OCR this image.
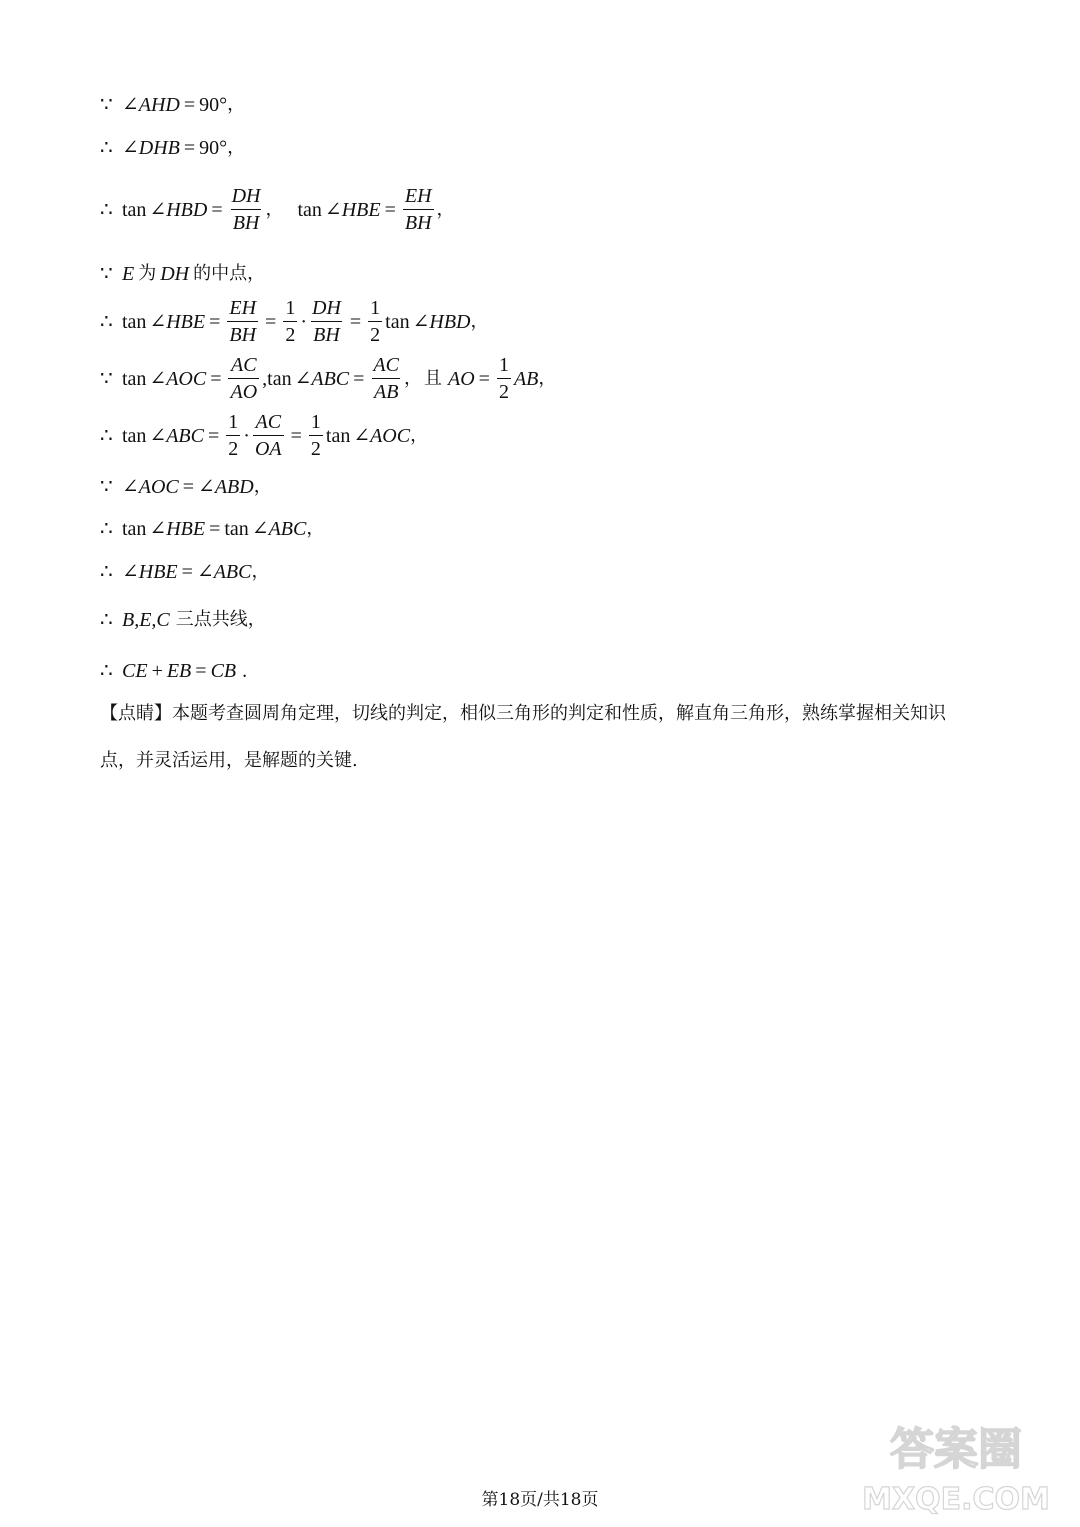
∵ ∠ AHD = 90° ，
∴ ∠ DHB = 90° ，
∴ tan ∠ HBD = $\frac{DH}{BH}$ ， tan ∠ HBE = $\frac{EH}{BH}$ ，
∵ E 为 DH 的中点，
∴ tan ∠ HBE = $\frac{EH}{BH} = \frac{1}{2} \cdot \frac{DH}{BH} = \frac{1}{2}$ tan ∠ HBD ，
∵ tan ∠ AOC = $\frac{AC}{AO}$ , tan ∠ ABC = $\frac{AC}{AB}$ ， 且 AO = $\frac{1}{2}$ AB ，
∴ tan ∠ ABC = $\frac{1}{2} \cdot \frac{AC}{OA} = \frac{1}{2}$ tan ∠ AOC ，
∵ ∠ AOC = ∠ ABD ，
∴ tan ∠ HBE = tan ∠ ABC ，
∴ ∠ HBE = ∠ ABC ，
∴ B,E,C 三点共线，
∴ CE + EB = CB .
【点睛】本题考查圆周角定理，切线的判定，相似三角形的判定和性质，解直角三角形，熟练掌握相关知识点，并灵活运用，是解题的关键.
第18页/共18页
答案圈
MXQE.COM
